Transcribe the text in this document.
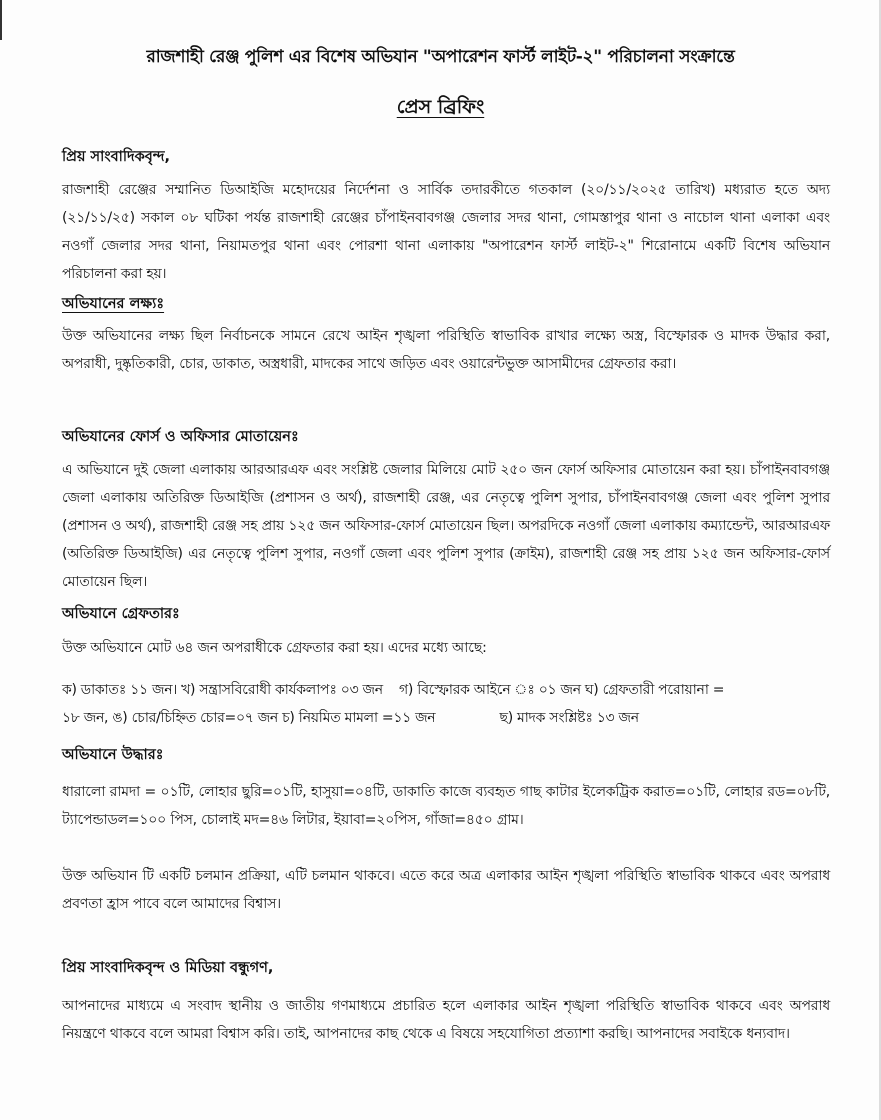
রাজশাহী রেঞ্জ পুলিশ এর বিশেষ অভিযান "অপারেশন ফার্স্ট লাইট-২" পরিচালনা সংক্রান্তে
প্রেস ব্রিফিং
প্রিয় সাংবাদিকবৃন্দ,
রাজশাহী রেঞ্জের সম্মানিত ডিআইজি মহোদয়ের নির্দেশনা ও সার্বিক তদারকীতে গতকাল (২০/১১/২০২৫ তারিখ) মধ্যরাত হতে অদ্য (২১/১১/২৫) সকাল ০৮ ঘটিকা পর্যন্ত রাজশাহী রেঞ্জের চাঁপাইনবাবগঞ্জ জেলার সদর থানা, গোমস্তাপুর থানা ও নাচোল থানা এলাকা এবং নওগাঁ জেলার সদর থানা, নিয়ামতপুর থানা এবং পোরশা থানা এলাকায় "অপারেশন ফার্স্ট লাইট-২" শিরোনামে একটি বিশেষ অভিযান পরিচালনা করা হয়।
অভিযানের লক্ষ্যঃ
উক্ত অভিযানের লক্ষ্য ছিল নির্বাচনকে সামনে রেখে আইন শৃঙ্খলা পরিস্থিতি স্বাভাবিক রাখার লক্ষ্যে অস্ত্র, বিস্ফোরক ও মাদক উদ্ধার করা, অপরাধী, দুষ্কৃতিকারী, চোর, ডাকাত, অস্ত্রধারী, মাদকের সাথে জড়িত এবং ওয়ারেন্টভুক্ত আসামীদের গ্রেফতার করা।
অভিযানের ফোর্স ও অফিসার মোতায়েনঃ
এ অভিযানে দুই জেলা এলাকায় আরআরএফ এবং সংশ্লিষ্ট জেলার মিলিয়ে মোট ২৫০ জন ফোর্স অফিসার মোতায়েন করা হয়। চাঁপাইনবাবগঞ্জ জেলা এলাকায় অতিরিক্ত ডিআইজি (প্রশাসন ও অর্থ), রাজশাহী রেঞ্জ, এর নেতৃত্বে পুলিশ সুপার, চাঁপাইনবাবগঞ্জ জেলা এবং পুলিশ সুপার (প্রশাসন ও অর্থ), রাজশাহী রেঞ্জ সহ প্রায় ১২৫ জন অফিসার-ফোর্স মোতায়েন ছিল। অপরদিকে নওগাঁ জেলা এলাকায় কম্যান্ডেন্ট, আরআরএফ (অতিরিক্ত ডিআইজি) এর নেতৃত্বে পুলিশ সুপার, নওগাঁ জেলা এবং পুলিশ সুপার (ক্রাইম), রাজশাহী রেঞ্জ সহ প্রায় ১২৫ জন অফিসার-ফোর্স মোতায়েন ছিল।
অভিযানে গ্রেফতারঃ
উক্ত অভিযানে মোট ৬৪ জন অপরাধীকে গ্রেফতার করা হয়। এদের মধ্যে আছে:
ক) ডাকাতঃ ১১ জন। খ) সন্ত্রাসবিরোধী কার্যকলাপঃ ০৩ জন গ) বিস্ফোরক আইনে ঃ ০১ জন ঘ) গ্রেফতারী পরোয়ানা =
১৮ জন, ঙ) চোর/চিহ্নিত চোর=০৭ জন চ) নিয়মিত মামলা =১১ জন	ছ) মাদক সংশ্লিষ্টঃ ১৩ জন
অভিযানে উদ্ধারঃ
ধারালো রামদা = ০১টি, লোহার ছুরি=০১টি, হাসুয়া=০৪টি, ডাকাতি কাজে ব্যবহৃত গাছ কাটার ইলেকট্রিক করাত=০১টি, লোহার রড=০৮টি, ট্যাপেন্ডাডল=১০০ পিস, চোলাই মদ=৪৬ লিটার, ইয়াবা=২০পিস, গাঁজা=৪৫০ গ্রাম।
উক্ত অভিযান টি একটি চলমান প্রক্রিয়া, এটি চলমান থাকবে। এতে করে অত্র এলাকার আইন শৃঙ্খলা পরিস্থিতি স্বাভাবিক থাকবে এবং অপরাধ প্রবণতা হ্রাস পাবে বলে আমাদের বিশ্বাস।
প্রিয় সাংবাদিকবৃন্দ ও মিডিয়া বন্ধুগণ,
আপনাদের মাধ্যমে এ সংবাদ স্থানীয় ও জাতীয় গণমাধ্যমে প্রচারিত হলে এলাকার আইন শৃঙ্খলা পরিস্থিতি স্বাভাবিক থাকবে এবং অপরাধ নিয়ন্ত্রণে থাকবে বলে আমরা বিশ্বাস করি। তাই, আপনাদের কাছ থেকে এ বিষয়ে সহযোগিতা প্রত্যাশা করছি। আপনাদের সবাইকে ধন্যবাদ।
